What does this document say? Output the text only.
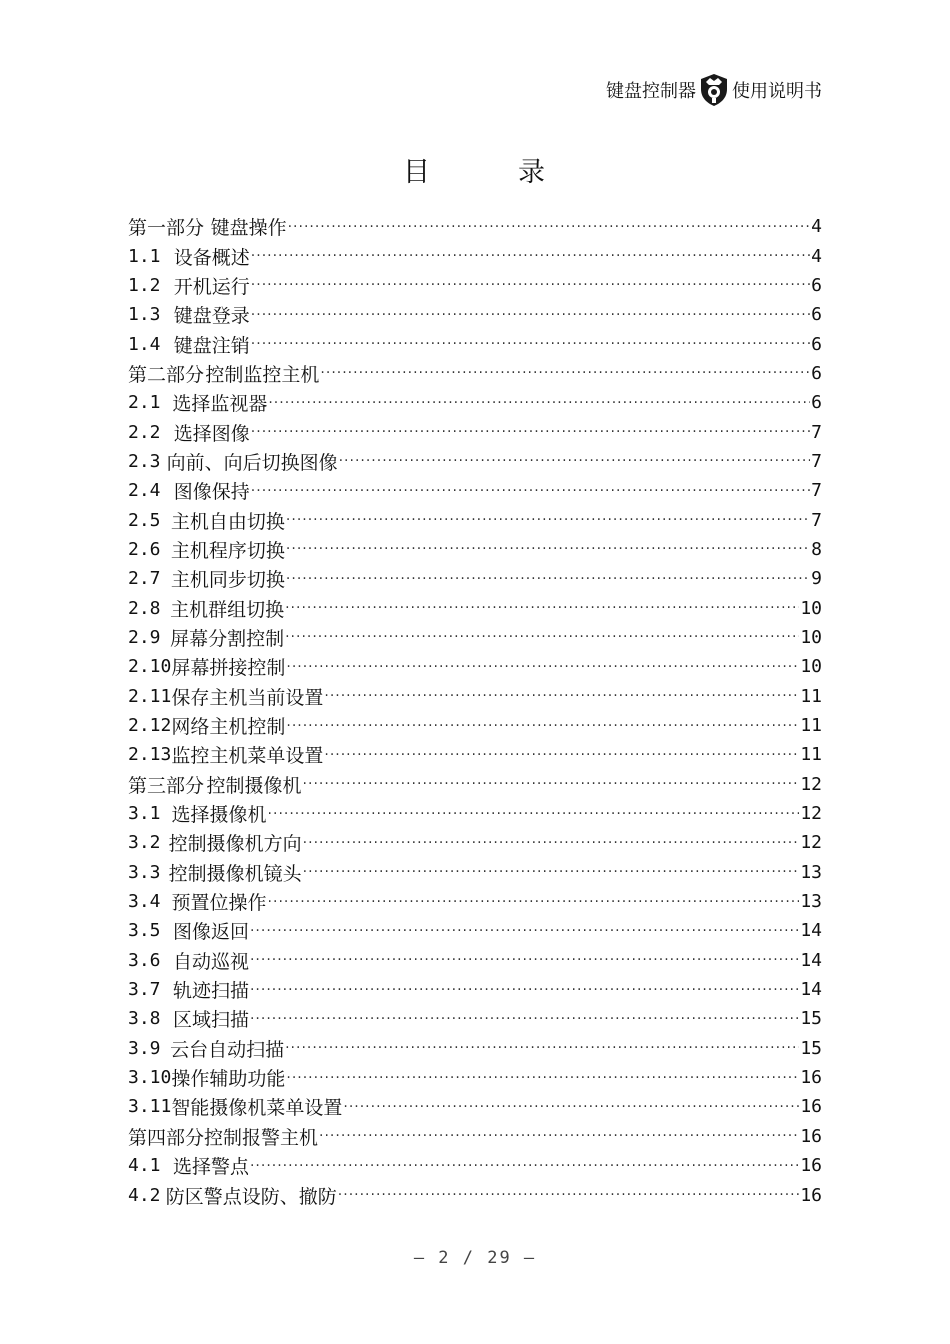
键盘控制器 使用说明书
目	录
第一部分 键盘操作 ·····	4
1.1 设备概述 ·····	4
1.2 开机运行 ·····	6
1.3 键盘登录 ·····	6
1.4 键盘注销 ·····	6
第二部分 控制监控主机 ·····	6
2.1 选择监视器 ·····	6
2.2 选择图像 ·····	7
2.3 向前、向后切换图像 ·····	7
2.4 图像保持 ·····	7
2.5 主机自由切换 ·····	7
2.6 主机程序切换 ·····	8
2.7 主机同步切换 ·····	9
2.8 主机群组切换 ·····	10
2.9 屏幕分割控制 ·····	10
2.10 屏幕拼接控制 ·····	10
2.11 保存主机当前设置 ·····	11
2.12 网络主机控制 ·····	11
2.13 监控主机菜单设置 ·····	11
第三部分 控制摄像机 ·····	12
3.1 选择摄像机 ·····	12
3.2 控制摄像机方向 ·····	12
3.3 控制摄像机镜头 ·····	13
3.4 预置位操作 ·····	13
3.5 图像返回 ·····	14
3.6 自动巡视 ·····	14
3.7 轨迹扫描 ·····	14
3.8 区域扫描 ·····	15
3.9 云台自动扫描 ·····	15
3.10 操作辅助功能 ·····	16
3.11 智能摄像机菜单设置 ·····	16
第四部分 控制报警主机 ·····	16
4.1 选择警点 ·····	16
4.2 防区警点设防、撤防 ·····	16
– 2 / 29 –
